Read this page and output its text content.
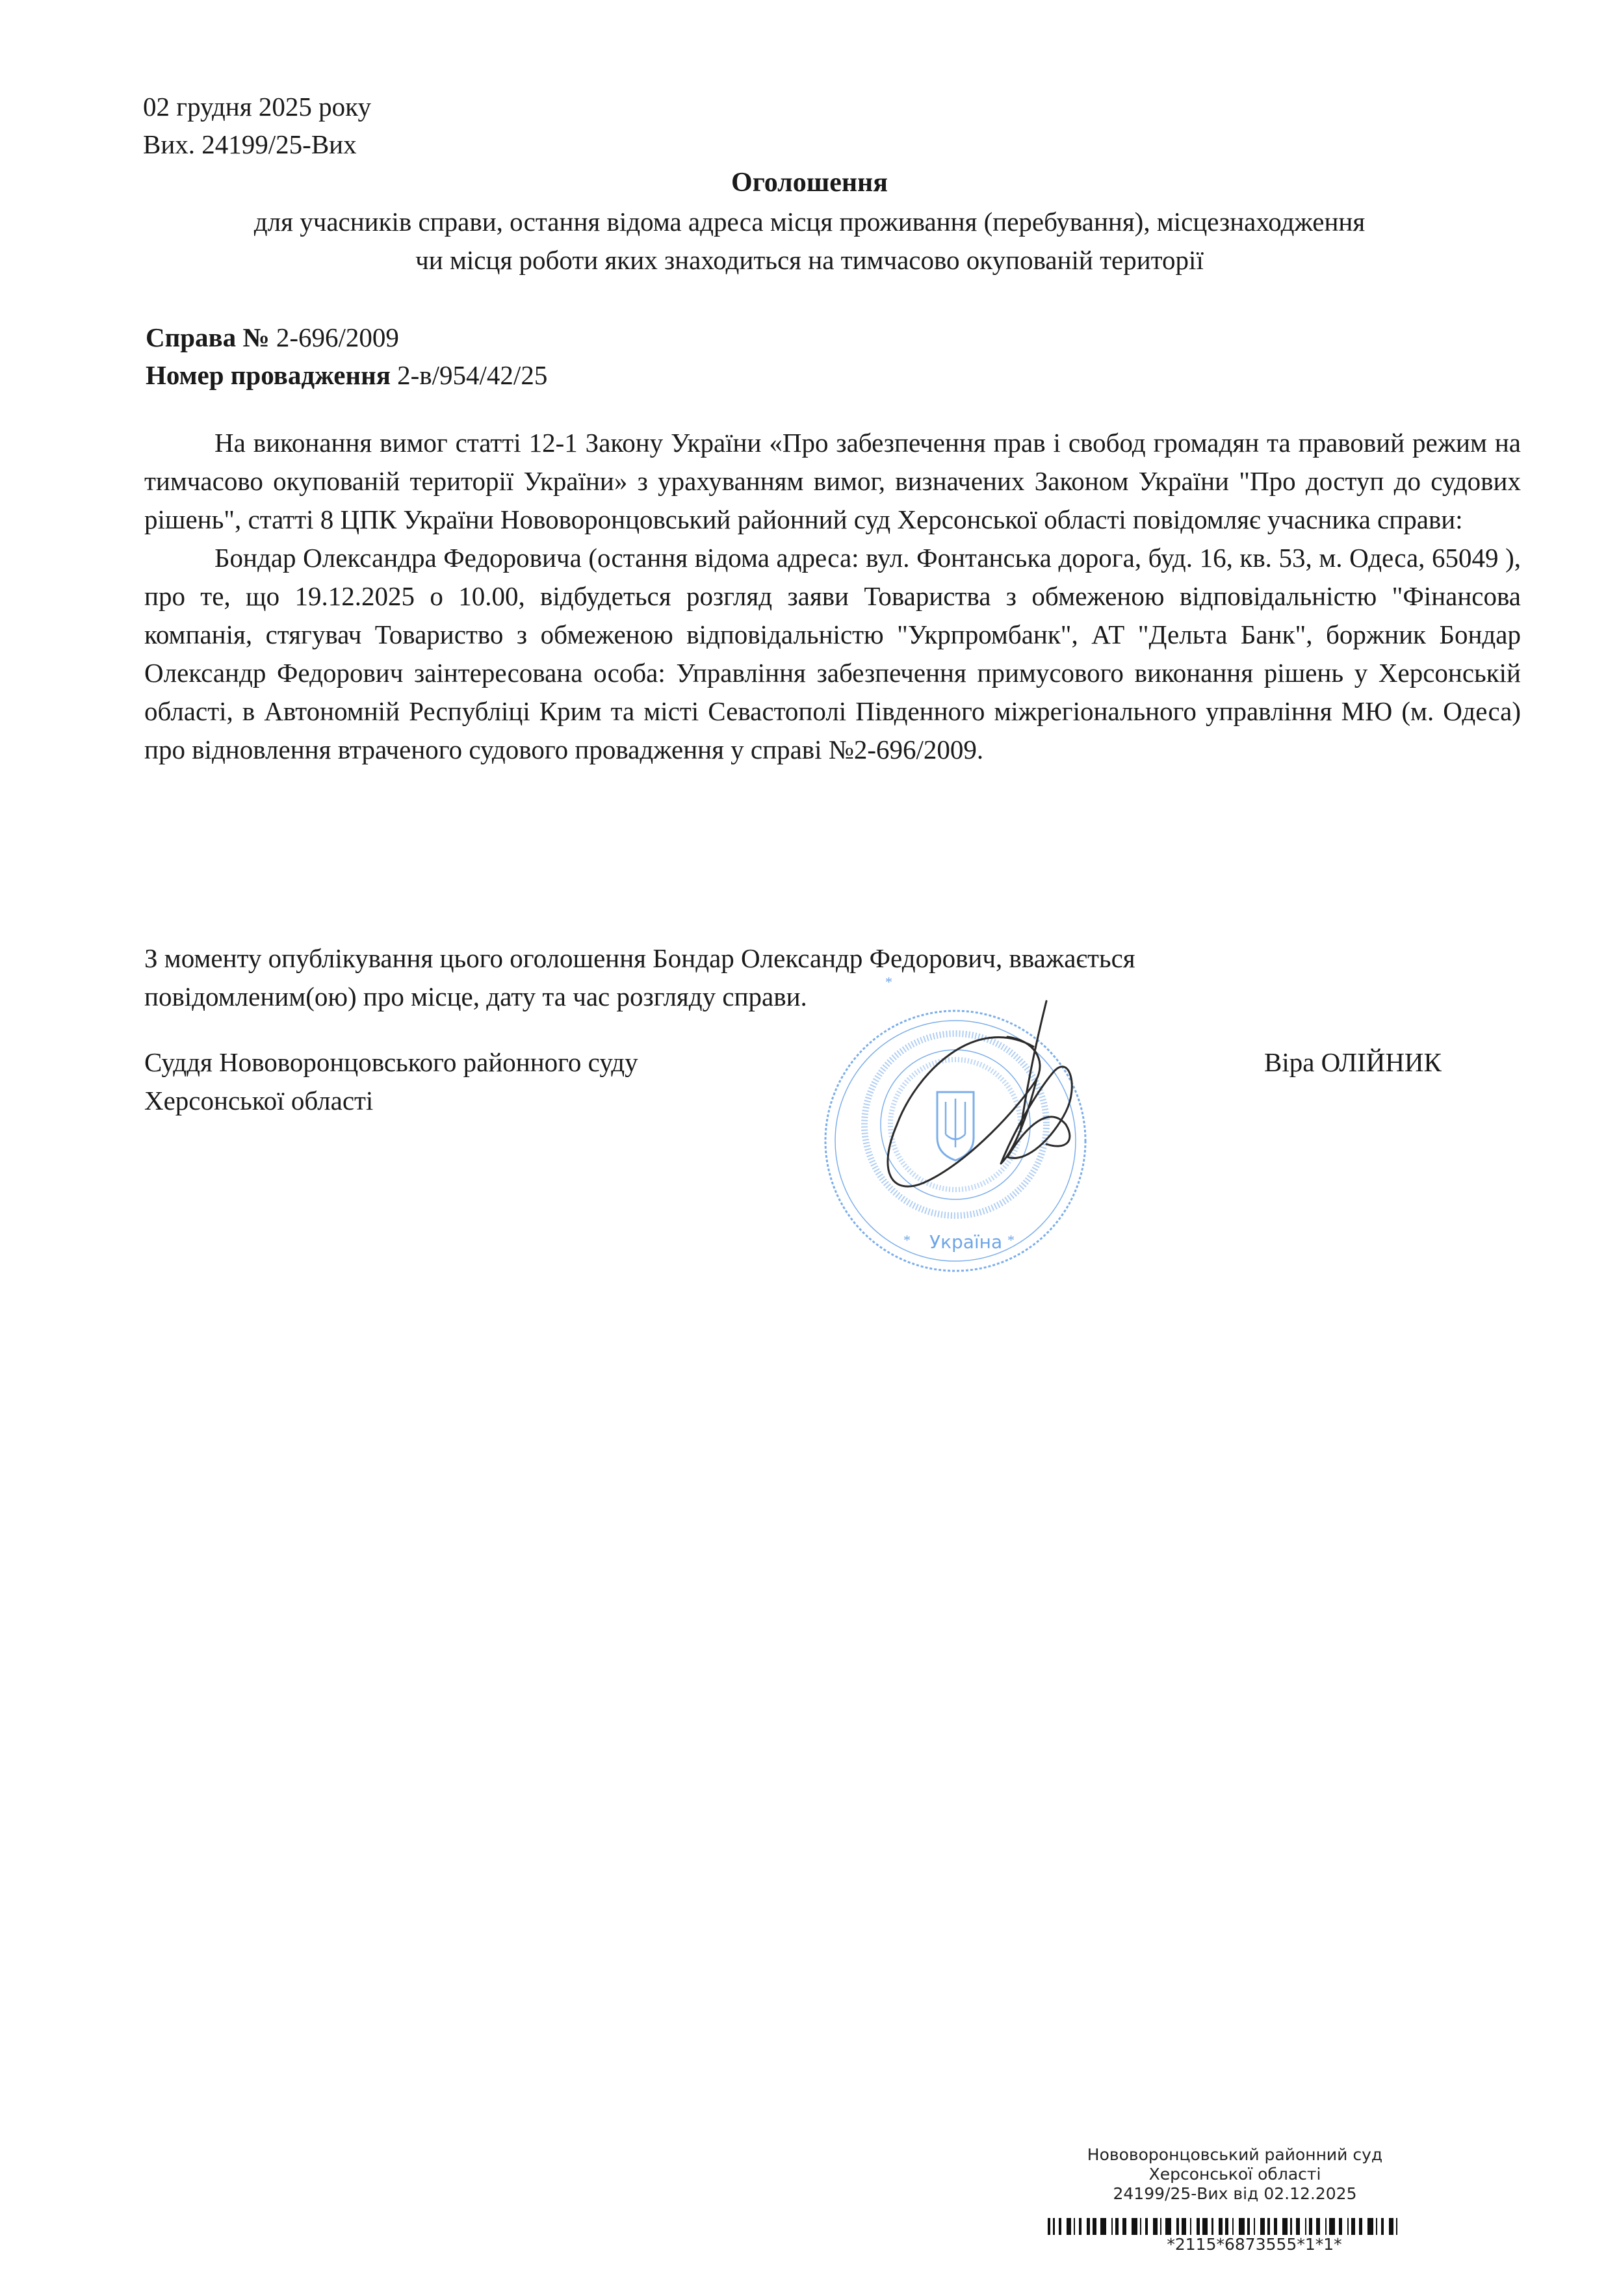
02 грудня 2025 року
Вих. 24199/25-Вих
Оголошення
для учасників справи, остання відома адреса місця проживання (перебування), місцезнаходження
чи місця роботи яких знаходиться на тимчасово окупованій території
Справа № 2-696/2009
Номер провадження 2-в/954/42/25

На виконання вимог статті 12-1 Закону України «Про забезпечення прав і свобод громадян та правовий режим на тимчасово окупованій території України» з урахуванням вимог, визначених Законом України "Про доступ до судових рішень", статті 8 ЦПК України Нововоронцовський районний суд Херсонської області повідомляє учасника справи:

Бондар Олександра Федоровича (остання відома адреса: вул. Фонтанська дорога, буд. 16, кв. 53, м. Одеса, 65049 ), про те, що 19.12.2025 о 10.00, відбудеться розгляд заяви Товариства з обмеженою відповідальністю "Фінансова компанія, стягувач Товариство з обмеженою відповідальністю "Укрпромбанк", АТ "Дельта Банк", боржник Бондар Олександр Федорович заінтересована особа: Управління забезпечення примусового виконання рішень у Херсонській області, в Автономній Республіці Крим та місті Севастополі Південного міжрегіонального управління МЮ (м. Одеса) про відновлення втраченого судового провадження у справі №2-696/2009.

З моменту опублікування цього оголошення Бондар Олександр Федорович, вважається
повідомленим(ою) про місце, дату та час розгляду справи.
Суддя Нововоронцовського районного суду
Херсонської області
Віра ОЛІЙНИК
*
Україна
*	*
Нововоронцовський районний суд
Херсонської області
24199/25-Вих від 02.12.2025
*2115*6873555*1*1*
